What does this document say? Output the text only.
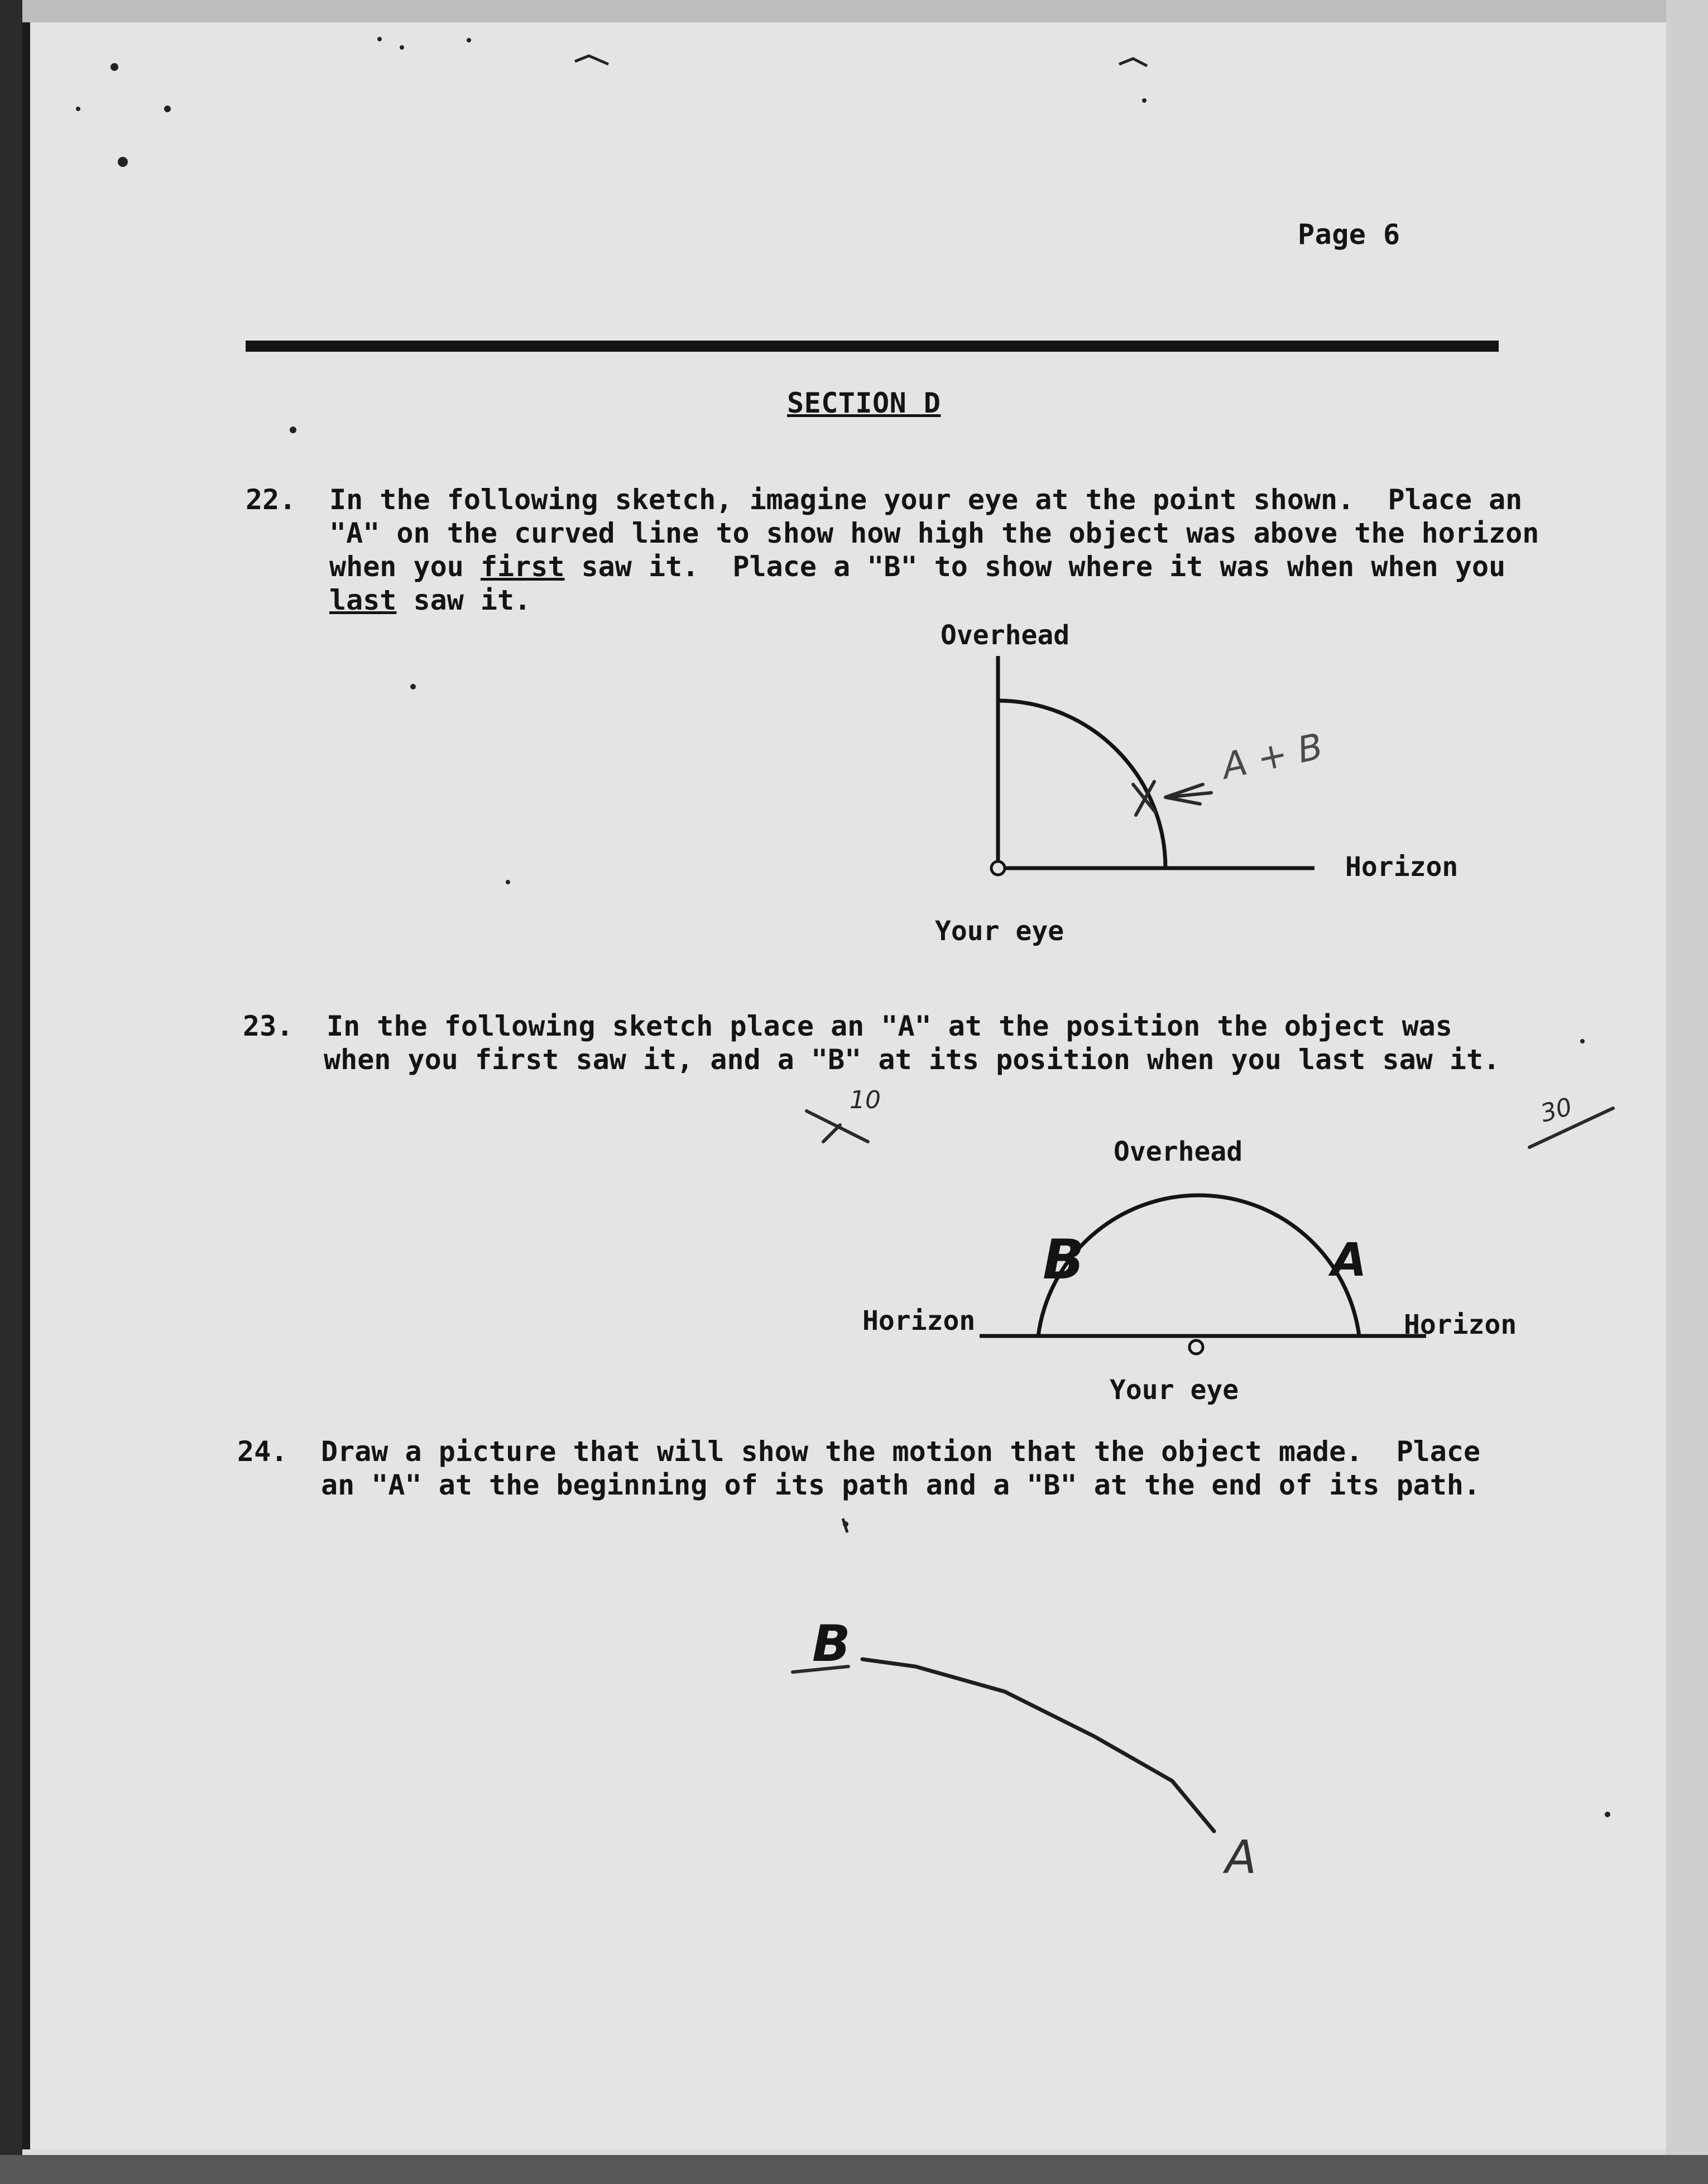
Page 6
SECTION D
22. In the following sketch, imagine your eye at the point shown.  Place an
"A" on the curved line to show how high the object was above the horizon
when you first saw it.  Place a "B" to show where it was when when you
last saw it.
Overhead
Horizon
Your eye
23. In the following sketch place an "A" at the position the object was
when you first saw it, and a "B" at its position when you last saw it.
Overhead
Horizon	Horizon
Your eye
24. Draw a picture that will show the motion that the object made.  Place
an "A" at the beginning of its path and a "B" at the end of its path.
A + B
10	30
B	A
B
A
